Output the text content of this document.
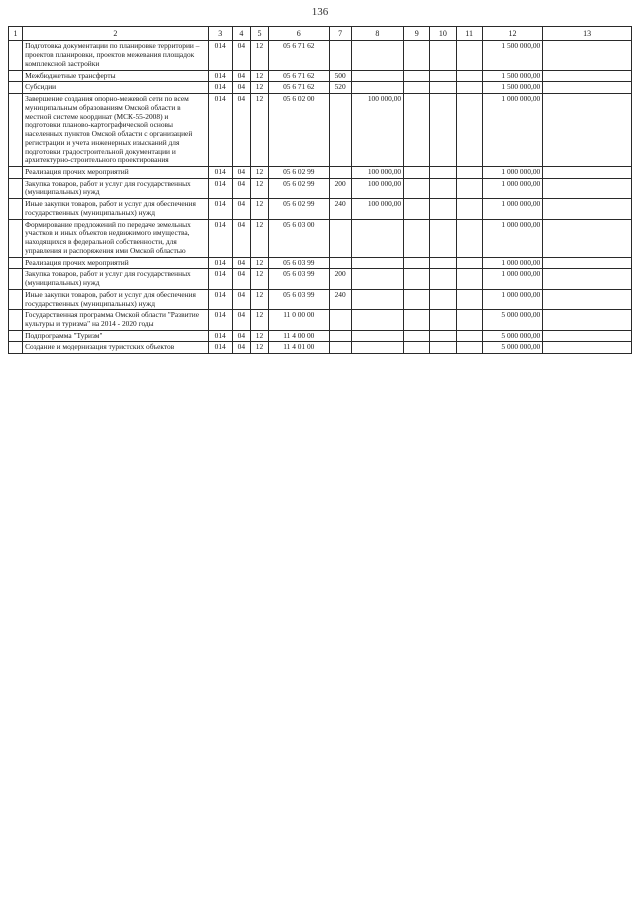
136
1	2	3	4	5	6	7	8	9	10	11	12	13
	Подготовка документации по планировке территории – проектов планировки, проектов межевания площадок комплексной застройки	014	04	12	05 6 71 62						1 500 000,00	
	Межбюджетные трансферты	014	04	12	05 6 71 62	500					1 500 000,00	
	Субсидии	014	04	12	05 6 71 62	520					1 500 000,00	
	Завершение создания опорно-межевой сети по всем муниципальным образованиям Омской области в местной системе координат (МСК-55-2008) и подготовки планово-картографической основы населенных пунктов Омской области с организацией регистрации и учета инженерных изысканий для подготовки градостроительной документации и архитектурно-строительного проектирования	014	04	12	05 6 02 00		100 000,00				1 000 000,00	
	Реализация прочих мероприятий	014	04	12	05 6 02 99		100 000,00				1 000 000,00	
	Закупка товаров, работ и услуг для государственных (муниципальных) нужд	014	04	12	05 6 02 99	200	100 000,00				1 000 000,00	
	Иные закупки товаров, работ и услуг для обеспечения государственных (муниципальных) нужд	014	04	12	05 6 02 99	240	100 000,00				1 000 000,00	
	Формирование предложений по передаче земельных участков и иных объектов недвижимого имущества, находящихся в федеральной собственности, для управления и распоряжения ими Омской областью	014	04	12	05 6 03 00						1 000 000,00	
	Реализация прочих мероприятий	014	04	12	05 6 03 99						1 000 000,00	
	Закупка товаров, работ и услуг для государственных (муниципальных) нужд	014	04	12	05 6 03 99	200					1 000 000,00	
	Иные закупки товаров, работ и услуг для обеспечения государственных (муниципальных) нужд	014	04	12	05 6 03 99	240					1 000 000,00	
	Государственная программа Омской области "Развитие культуры и туризма" на 2014 - 2020 годы	014	04	12	11 0 00 00						5 000 000,00	
	Подпрограмма "Туризм"	014	04	12	11 4 00 00						5 000 000,00	
	Создание и модернизация туристских объектов	014	04	12	11 4 01 00						5 000 000,00	
